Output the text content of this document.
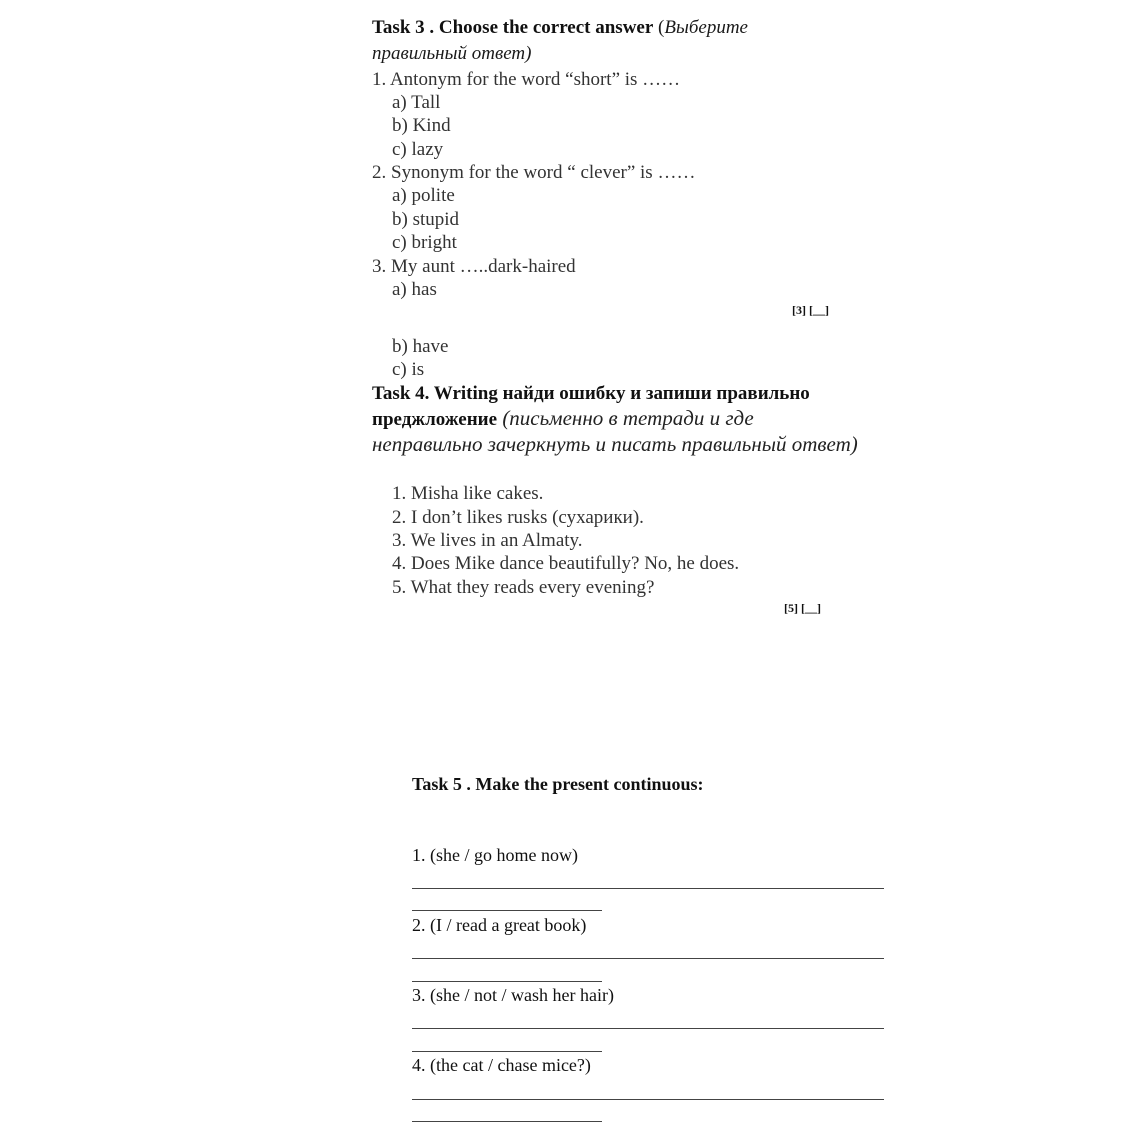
Task 3 . Choose the correct answer (Выберите
правильный ответ)
1. Antonym for the word “short” is ……
a) Tall
b) Kind
c) lazy
2. Synonym for the word “ clever” is ……
a) polite
b) stupid
c) bright
3. My aunt …..dark-haired
a) has
[3] [__]
b) have
c) is
Task 4. Writing найди ошибку и запиши правильно
преджложение (письменно в тетради и где
неправильно зачеркнуть и писать правильный ответ)
1. Misha like cakes.
2. I don’t likes rusks (сухарики).
3. We lives in an Almaty.
4. Does Mike dance beautifully? No, he does.
5. What they reads every evening?
[5] [__]
Task 5 . Make the present continuous:
1. (she / go home now)
2. (I / read a great book)
3. (she / not / wash her hair)
4. (the cat / chase mice?)
